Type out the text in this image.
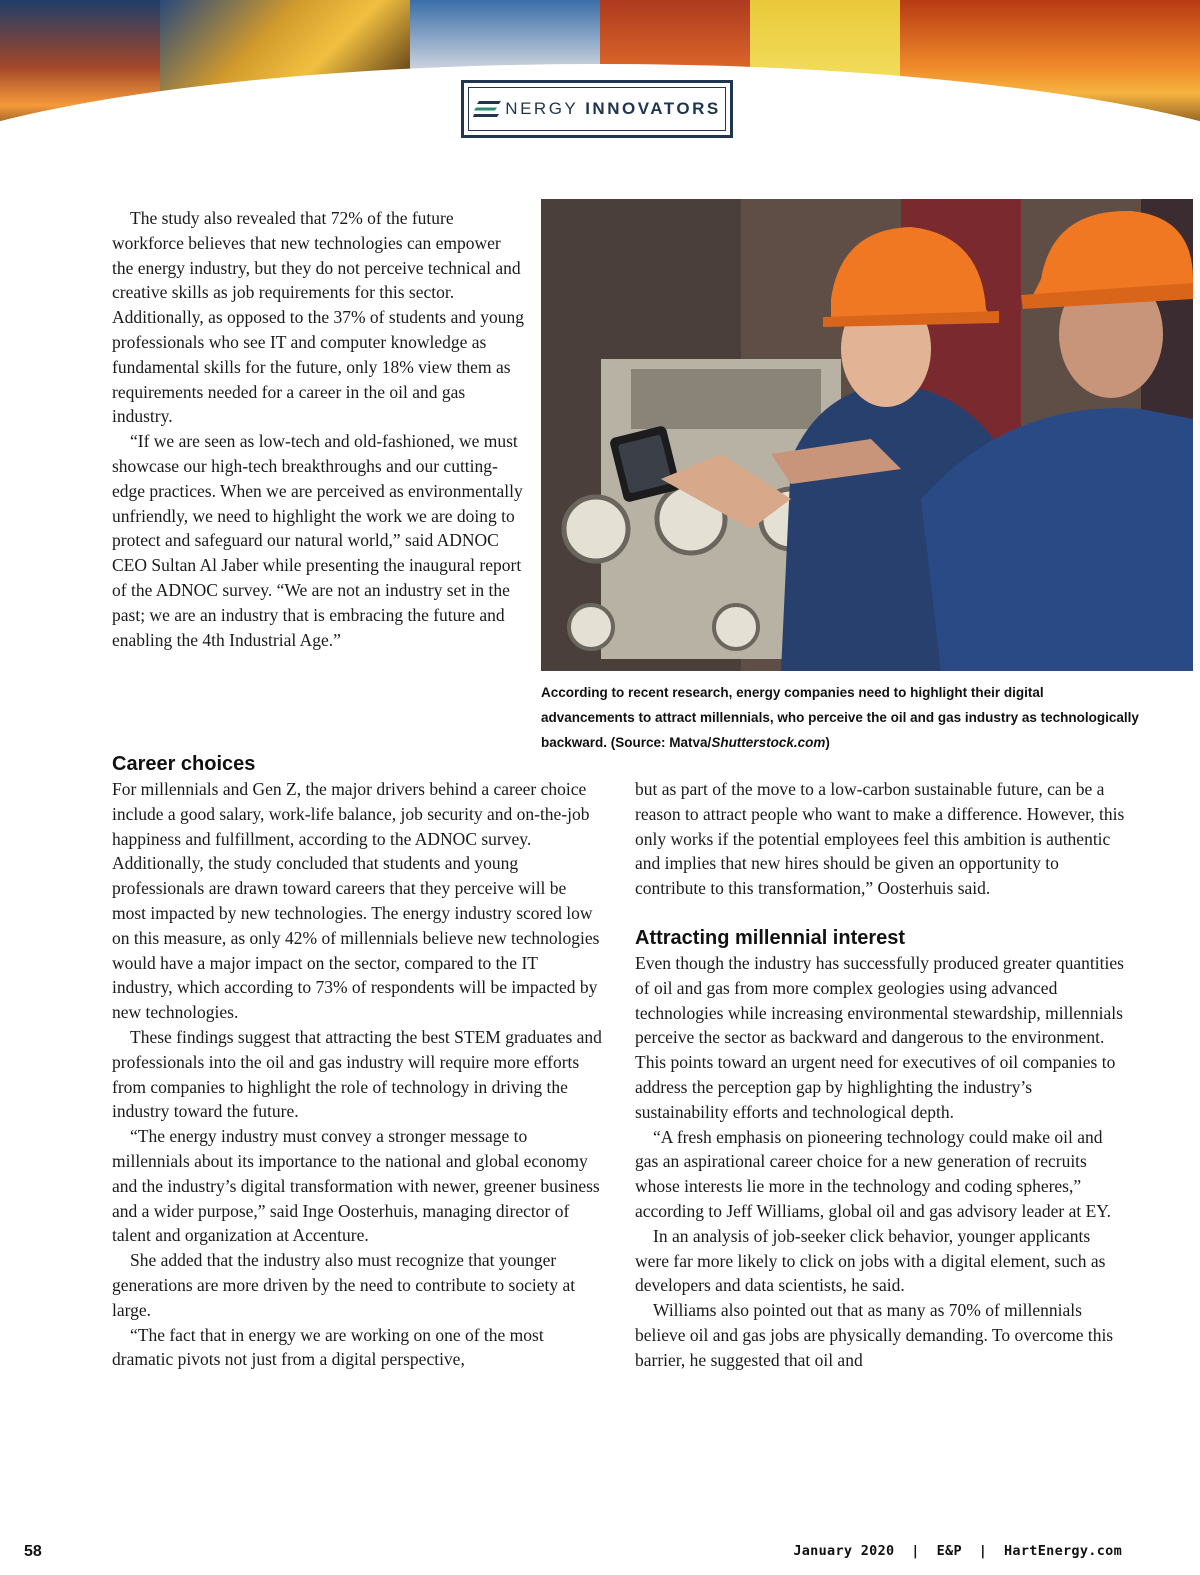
NERGY INNOVATORS

The study also revealed that 72% of the future workforce believes that new technologies can empower the energy industry, but they do not perceive technical and creative skills as job requirements for this sector. Additionally, as opposed to the 37% of students and young professionals who see IT and computer knowledge as fundamental skills for the future, only 18% view them as requirements needed for a career in the oil and gas industry.

“If we are seen as low-tech and old-fashioned, we must showcase our high-tech breakthroughs and our cutting-edge practices. When we are perceived as environmentally unfriendly, we need to highlight the work we are doing to protect and safeguard our natural world,” said ADNOC CEO Sultan Al Jaber while presenting the inaugural report of the ADNOC survey. “We are not an industry set in the past; we are an industry that is embracing the future and enabling the 4th Industrial Age.”

According to recent research, energy companies need to highlight their digital advancements to attract millennials, who perceive the oil and gas industry as technologically backward. (Source: Matva/Shutterstock.com)
Career choices

For millennials and Gen Z, the major drivers behind a career choice include a good salary, work-life balance, job security and on-the-job happiness and fulfillment, according to the ADNOC survey. Additionally, the study concluded that students and young professionals are drawn toward careers that they perceive will be most impacted by new technologies. The energy industry scored low on this measure, as only 42% of millennials believe new technologies would have a major impact on the sector, compared to the IT industry, which according to 73% of respondents will be impacted by new technologies.

These findings suggest that attracting the best STEM graduates and professionals into the oil and gas industry will require more efforts from companies to highlight the role of technology in driving the industry toward the future.

“The energy industry must convey a stronger message to millennials about its importance to the national and global economy and the industry’s digital transformation with newer, greener business and a wider purpose,” said Inge Oosterhuis, managing director of talent and organization at Accenture.

She added that the industry also must recognize that younger generations are more driven by the need to contribute to society at large.

“The fact that in energy we are working on one of the most dramatic pivots not just from a digital perspective,

but as part of the move to a low-carbon sustainable future, can be a reason to attract people who want to make a difference. However, this only works if the potential employees feel this ambition is authentic and implies that new hires should be given an opportunity to contribute to this transformation,” Oosterhuis said.

Attracting millennial interest

Even though the industry has successfully produced greater quantities of oil and gas from more complex geologies using advanced technologies while increasing environmental stewardship, millennials perceive the sector as backward and dangerous to the environment. This points toward an urgent need for executives of oil companies to address the perception gap by highlighting the industry’s sustainability efforts and technological depth.

“A fresh emphasis on pioneering technology could make oil and gas an aspirational career choice for a new generation of recruits whose interests lie more in the technology and coding spheres,” according to Jeff Williams, global oil and gas advisory leader at EY.

In an analysis of job-seeker click behavior, younger applicants were far more likely to click on jobs with a digital element, such as developers and data scientists, he said.

Williams also pointed out that as many as 70% of millennials believe oil and gas jobs are physically demanding. To overcome this barrier, he suggested that oil and

58	January 2020  |  E&P  |  HartEnergy.com
